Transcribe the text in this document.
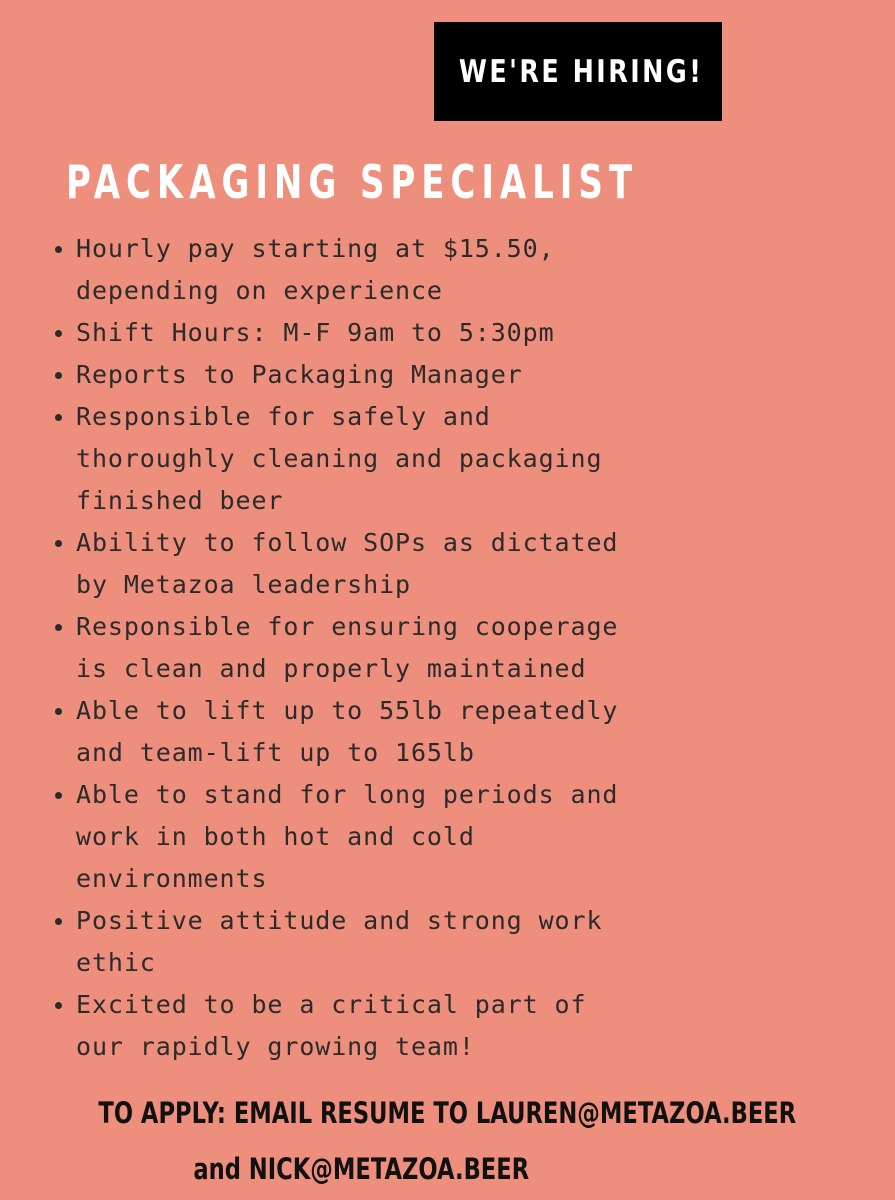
WE'RE HIRING!
PACKAGING SPECIALIST
Hourly pay starting at $15.50,
depending on experience
Shift Hours: M-F 9am to 5:30pm
Reports to Packaging Manager
Responsible for safely and
thoroughly cleaning and packaging
finished beer
Ability to follow SOPs as dictated
by Metazoa leadership
Responsible for ensuring cooperage
is clean and properly maintained
Able to lift up to 55lb repeatedly
and team-lift up to 165lb
Able to stand for long periods and
work in both hot and cold
environments
Positive attitude and strong work
ethic
Excited to be a critical part of
our rapidly growing team!
TO APPLY: EMAIL RESUME TO LAUREN@METAZOA.BEER
and NICK@METAZOA.BEER
